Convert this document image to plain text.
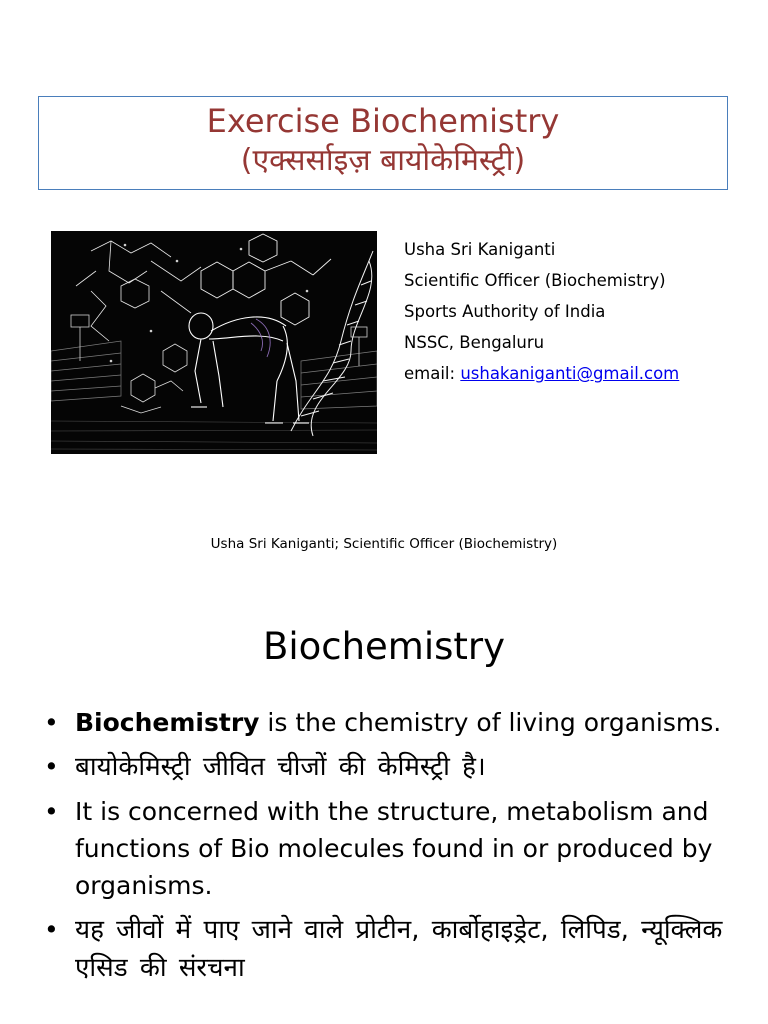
Exercise Biochemistry
(एक्सर्साइज़ बायोकेमिस्ट्री)
Usha Sri Kaniganti
Scientific Officer (Biochemistry)
Sports Authority of India
NSSC, Bengaluru
email: ushakaniganti@gmail.com
Usha Sri Kaniganti; Scientific Officer (Biochemistry)
Biochemistry
• Biochemistry is the chemistry of living organisms.
• बायोकेमिस्ट्री जीवित चीजों की केमिस्ट्री है।
• It is concerned with the structure, metabolism and functions of Bio molecules found in or produced by organisms.
• यह जीवों में पाए जाने वाले प्रोटीन, कार्बोहाइड्रेट, लिपिड, न्यूक्लिक एसिड की संरचना
